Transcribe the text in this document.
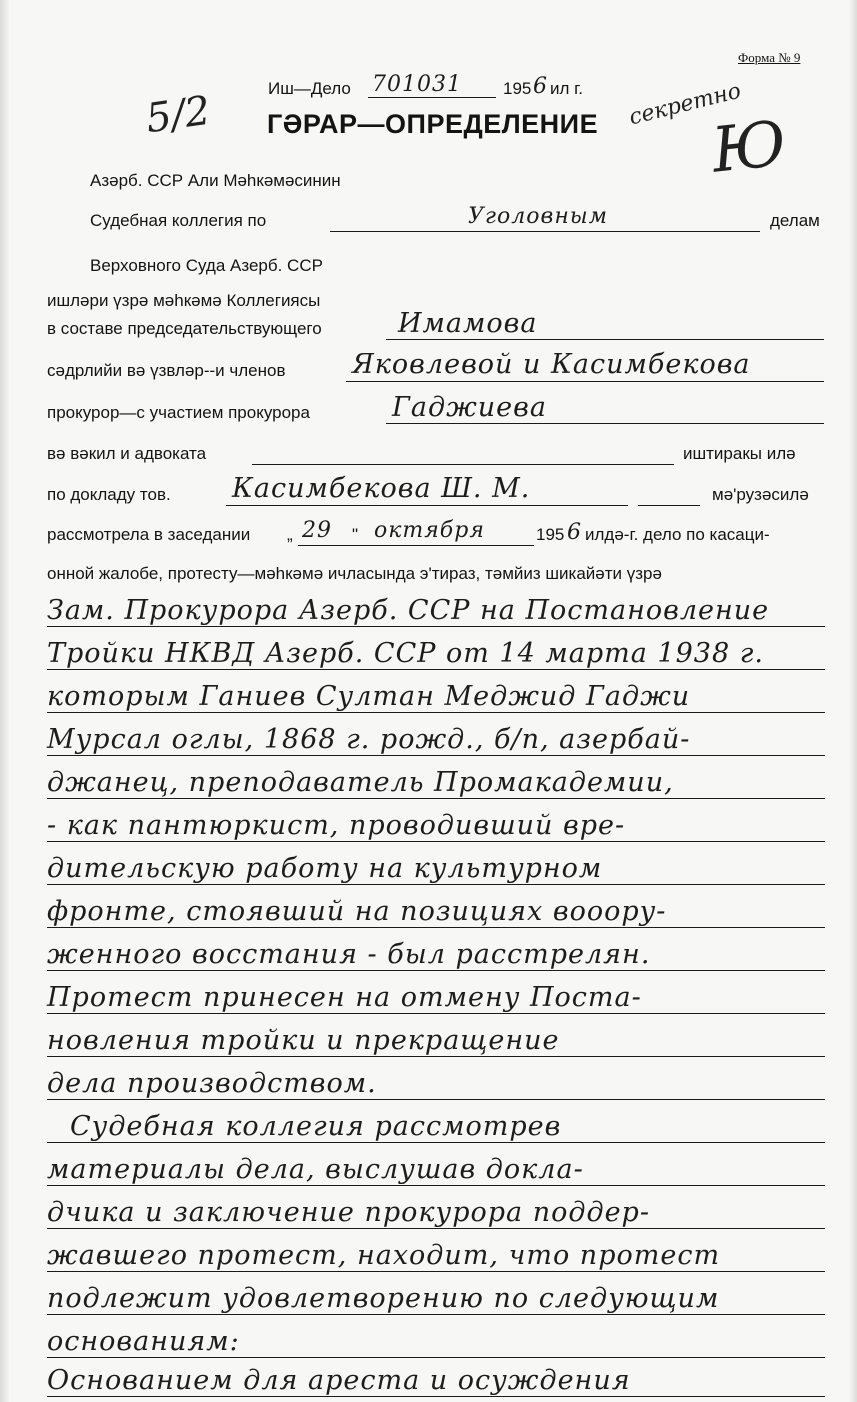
Форма № 9
Иш—Дело 701031 195 6 ил г.
ГƏРАР—ОПРЕДЕЛЕНИЕ
5/2	секретно
Ю
Азәрб. ССР Али Мәһкәмәсинин
Судебная коллегия по	Уголовным	делам
Верховного Суда Азерб. ССР
ишләри үзрә мәһкәмә Коллегиясы
в составе председательствующего	Имамова
сәдрлийи вә үзвләр--и членов Яковлевой и Касимбекова
прокурор—с участием прокурора	Гаджиева
вә вәкил и адвоката	иштиракы илә
по докладу тов. Касимбекова Ш. М.	мә'рузәсилә
рассмотрела в заседании „ 29 " октября	195 6 илдә-г. дело по касаци-
онной жалобе, протесту—мәһкәмә ичласында э'тираз, тәмйиз шикайәти үзрә
Зам. Прокурора Азерб. ССР на Постановление
Тройки НКВД Азерб. ССР от 14 марта 1938 г.
которым Ганиев Султан Меджид Гаджи
Мурсал оглы, 1868 г. рожд., б/п, азербай-
джанец, преподаватель Промакадемии,
- как пантюркист, проводивший вре-
дительскую работу на культурном
фронте, стоявший на позициях вооору-
женного восстания - был расстрелян.
Протест принесен на отмену Поста-
новления тройки и прекращение
дела производством.
Судебная коллегия рассмотрев
материалы дела, выслушав докла-
дчика и заключение прокурора поддер-
жавшего протест, находит, что протест
подлежит удовлетворению по следующим
основаниям:
Основанием для ареста и осуждения
